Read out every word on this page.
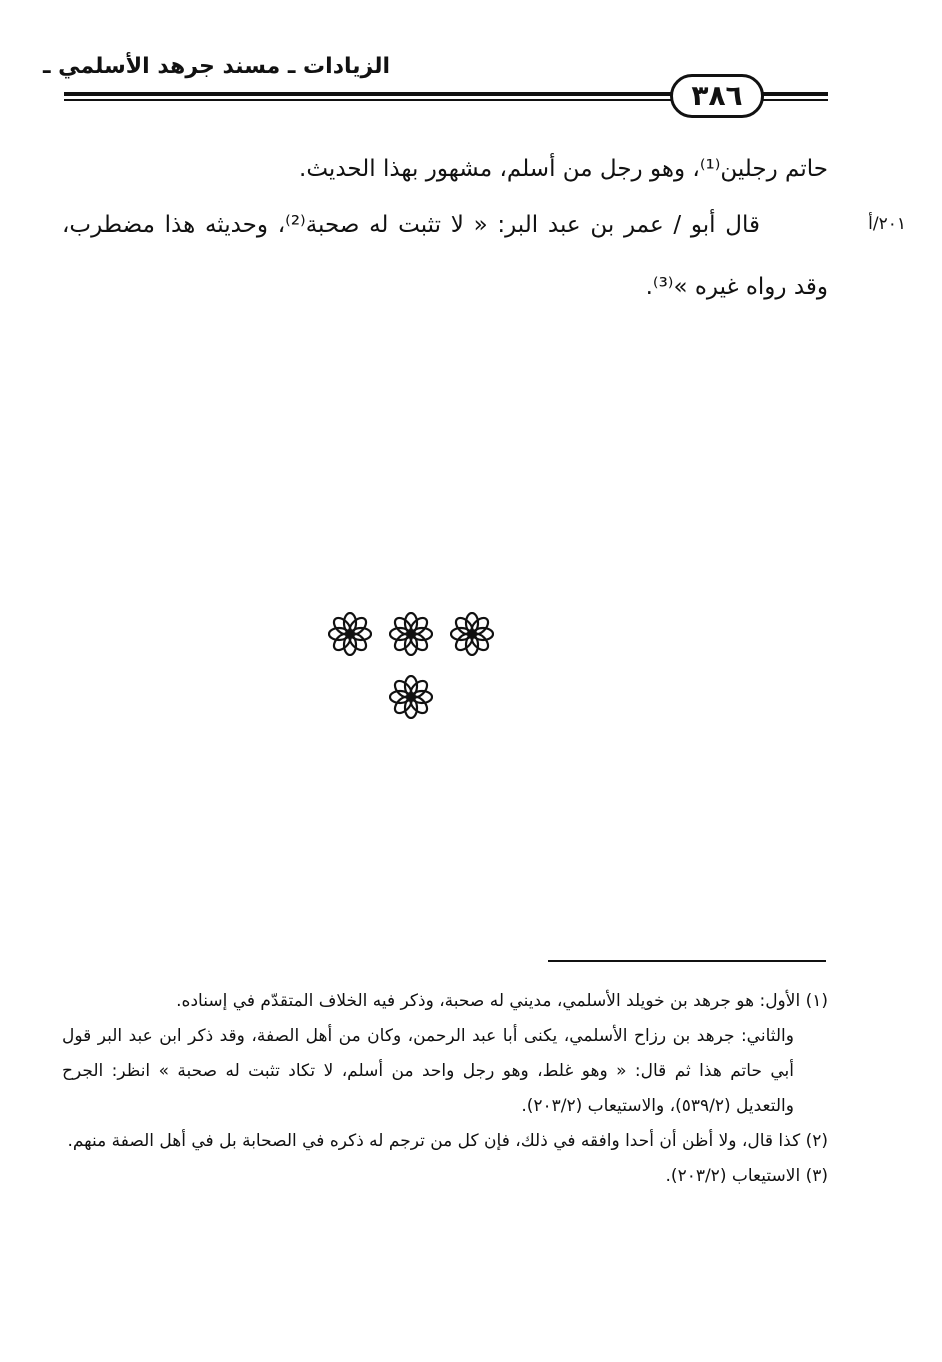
الزيادات ـ مسند جرهد الأسلمي ـ
٣٨٦
حاتم رجلين⁽¹⁾، وهو رجل من أسلم، مشهور بهذا الحديث.
٢٠١/أ
قال أبو / عمر بن عبد البر: « لا تثبت له صحبة⁽²⁾، وحديثه هذا مضطرب، وقد رواه غيره »⁽³⁾.
(١) الأول: هو جرهد بن خويلد الأسلمي، مديني له صحبة، وذكر فيه الخلاف المتقدّم في إسناده.
والثاني: جرهد بن رزاح الأسلمي، يكنى أبا عبد الرحمن، وكان من أهل الصفة، وقد ذكر ابن عبد البر قول أبي حاتم هذا ثم قال: « وهو غلط، وهو رجل واحد من أسلم، لا تكاد تثبت له صحبة » انظر: الجرح والتعديل (٥٣٩/٢)، والاستيعاب (٢٠٣/٢).
(٢) كذا قال، ولا أظن أن أحدا وافقه في ذلك، فإن كل من ترجم له ذكره في الصحابة بل في أهل الصفة منهم.
(٣) الاستيعاب (٢٠٣/٢).
